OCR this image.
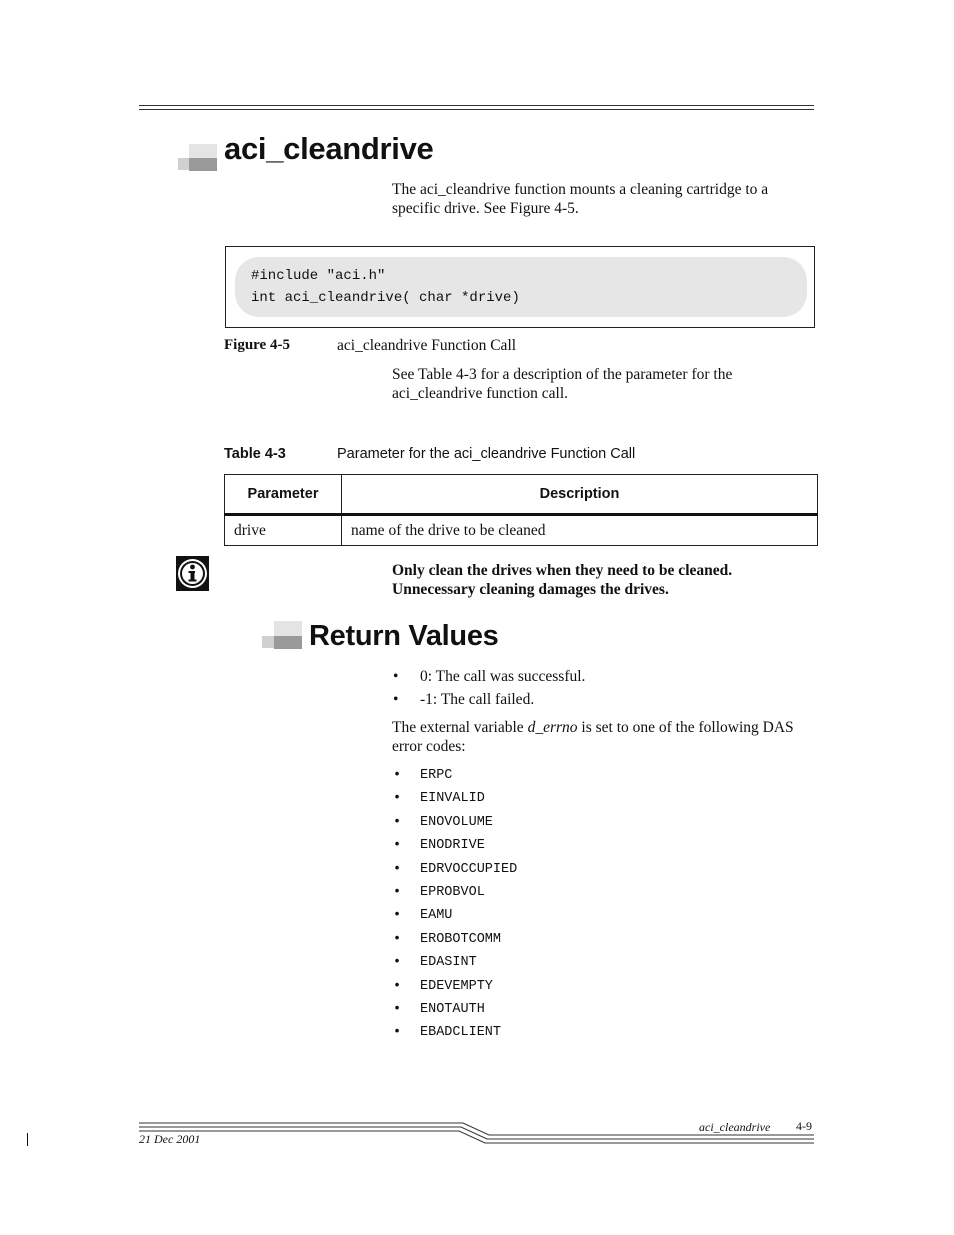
aci_cleandrive
The aci_cleandrive function mounts a cleaning cartridge to a specific drive. See Figure 4-5.
#include "aci.h"
int aci_cleandrive( char *drive)
Figure 4-5	aci_cleandrive Function Call
See Table 4-3 for a description of the parameter for the aci_cleandrive function call.
Table 4-3	Parameter for the aci_cleandrive Function Call
Parameter	Description
drive	name of the drive to be cleaned
Only clean the drives when they need to be cleaned. Unnecessary cleaning damages the drives.
Return Values
• 0: The call was successful.
• -1: The call failed.
The external variable d_errno is set to one of the following DAS error codes:
• ERPC
• EINVALID
• ENOVOLUME
• ENODRIVE
• EDRVOCCUPIED
• EPROBVOL
• EAMU
• EROBOTCOMM
• EDASINT
• EDEVEMPTY
• ENOTAUTH
• EBADCLIENT
aci_cleandrive 4-9
21 Dec 2001
